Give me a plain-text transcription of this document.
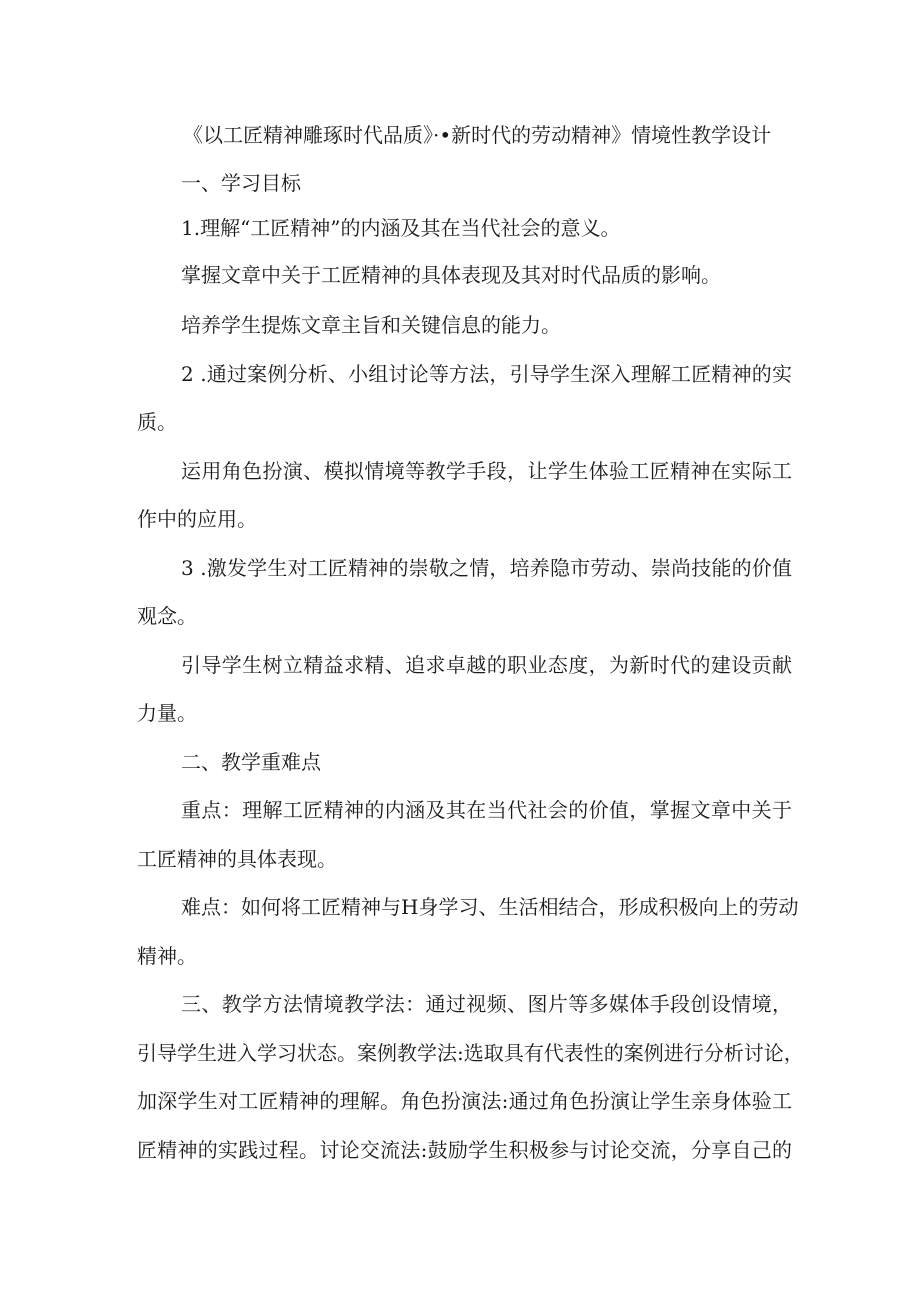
《以工匠精神雕琢时代品质》·•新时代的劳动精神》情境性教学设计

一、学习目标

1.理解“工匠精神”的内涵及其在当代社会的意义。

掌握文章中关于工匠精神的具体表现及其对时代品质的影响。

培养学生提炼文章主旨和关键信息的能力。

2 .通过案例分析、小组讨论等方法，引导学生深入理解工匠精神的实

质。

运用角色扮演、模拟情境等教学手段，让学生体验工匠精神在实际工

作中的应用。

3 .激发学生对工匠精神的崇敬之情，培养隐市劳动、崇尚技能的价值

观念。

引导学生树立精益求精、追求卓越的职业态度，为新时代的建设贡献

力量。

二、教学重难点

重点：理解工匠精神的内涵及其在当代社会的价值，掌握文章中关于

工匠精神的具体表现。

难点：如何将工匠精神与H身学习、生活相结合，形成积极向上的劳动

精神。

三、教学方法情境教学法：通过视频、图片等多媒体手段创设情境，

引导学生进入学习状态。案例教学法:选取具有代表性的案例进行分析讨论，

加深学生对工匠精神的理解。角色扮演法:通过角色扮演让学生亲身体验工

匠精神的实践过程。讨论交流法:鼓励学生积极参与讨论交流，分享自己的
